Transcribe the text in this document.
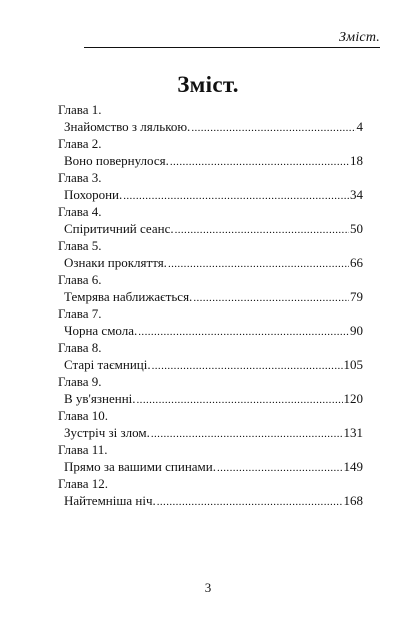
Зміст.
Зміст.
Глава 1.
Знайомство з лялькою. .....	4
Глава 2.
Воно повернулося. .....	18
Глава 3.
Похорони. .....	34
Глава 4.
Спіритичний сеанс. .....	50
Глава 5.
Ознаки прокляття. .....	66
Глава 6.
Темрява наближається. .....	79
Глава 7.
Чорна смола. .....	90
Глава 8.
Старі таємниці. .....	105
Глава 9.
В ув'язненні. .....	120
Глава 10.
Зустріч зі злом. .....	131
Глава 11.
Прямо за вашими спинами. .....	149
Глава 12.
Найтемніша ніч. .....	168
3
